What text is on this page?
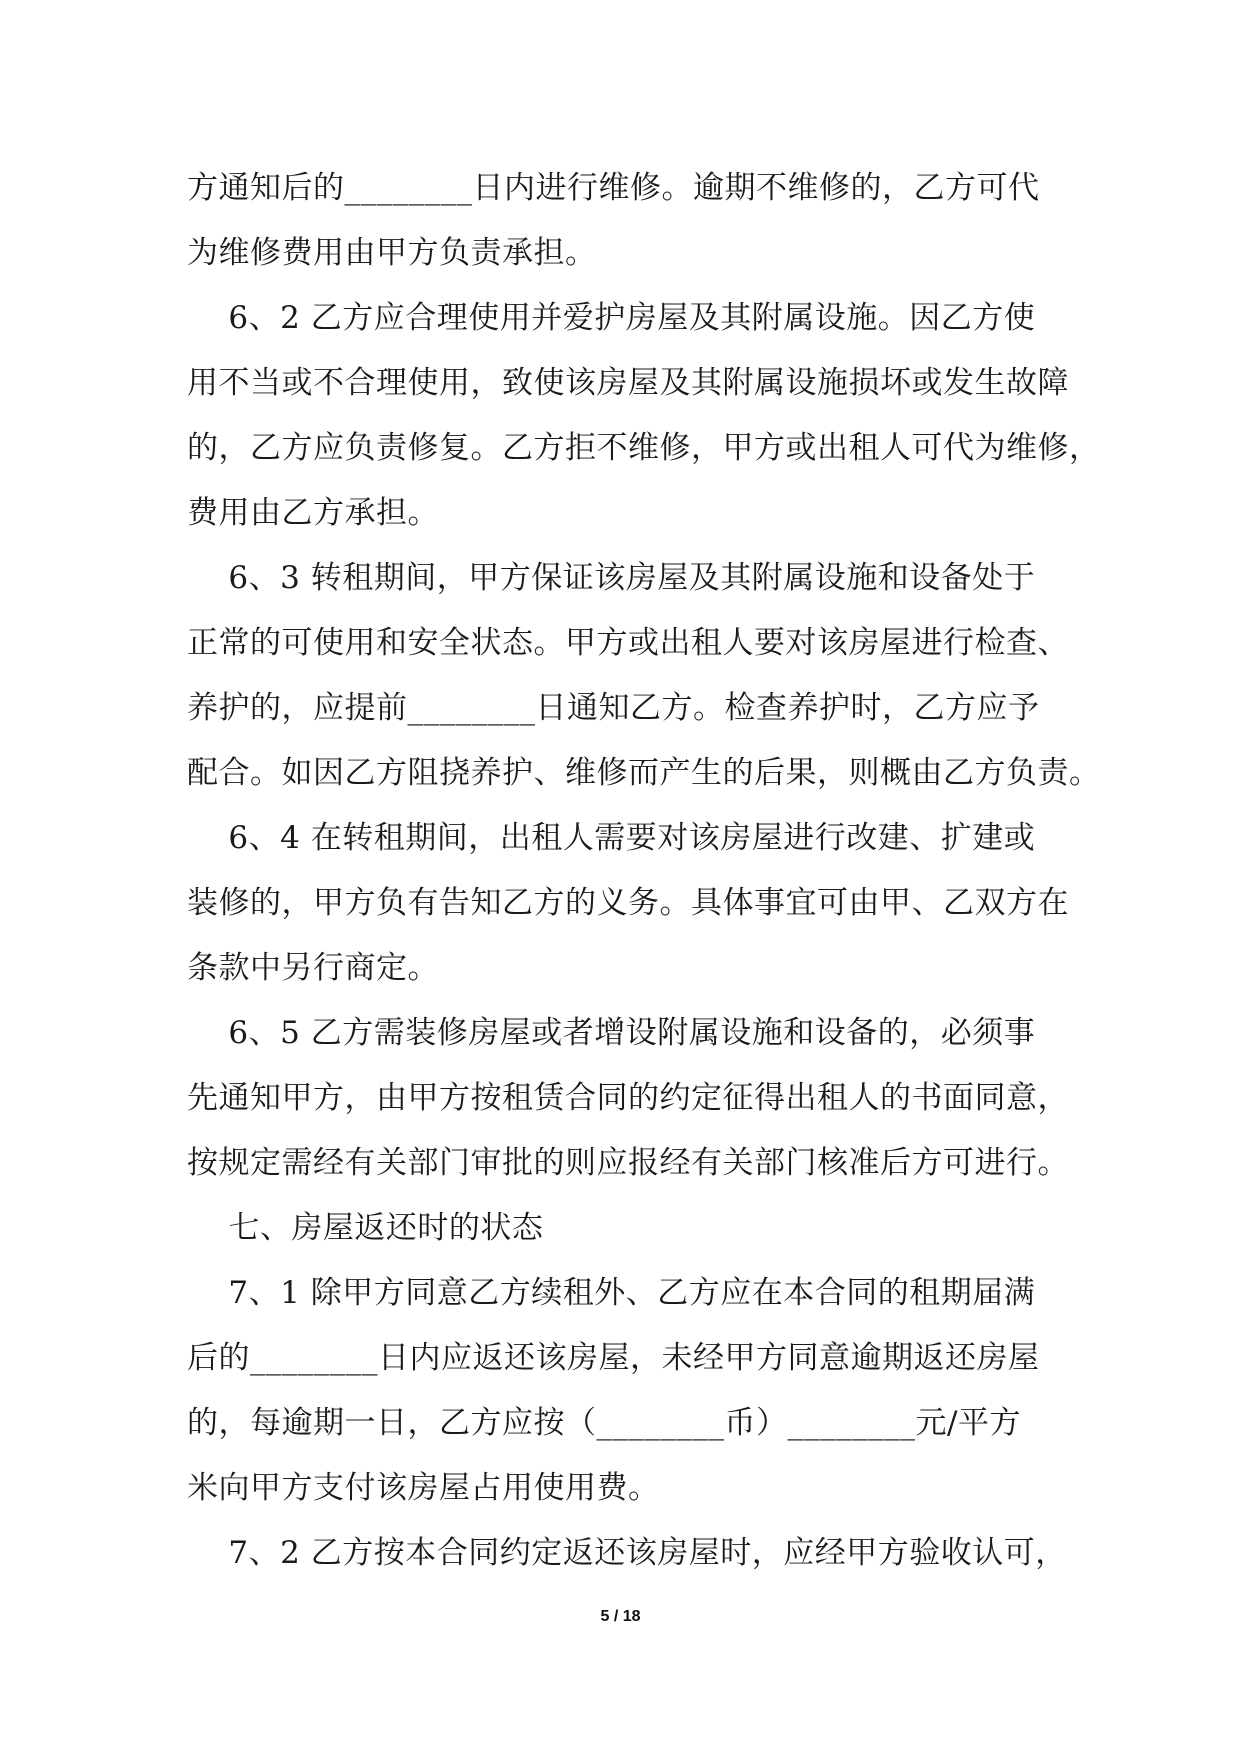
方通知后的________日内进行维修。逾期不维修的，乙方可代
为维修费用由甲方负责承担。
6、2 乙方应合理使用并爱护房屋及其附属设施。因乙方使
用不当或不合理使用，致使该房屋及其附属设施损坏或发生故障
的，乙方应负责修复。乙方拒不维修，甲方或出租人可代为维修，
费用由乙方承担。
6、3 转租期间，甲方保证该房屋及其附属设施和设备处于
正常的可使用和安全状态。甲方或出租人要对该房屋进行检查、
养护的，应提前________日通知乙方。检查养护时，乙方应予
配合。如因乙方阻挠养护、维修而产生的后果，则概由乙方负责。
6、4 在转租期间，出租人需要对该房屋进行改建、扩建或
装修的，甲方负有告知乙方的义务。具体事宜可由甲、乙双方在
条款中另行商定。
6、5 乙方需装修房屋或者增设附属设施和设备的，必须事
先通知甲方，由甲方按租赁合同的约定征得出租人的书面同意，
按规定需经有关部门审批的则应报经有关部门核准后方可进行。
七、房屋返还时的状态
7、1 除甲方同意乙方续租外、乙方应在本合同的租期届满
后的________日内应返还该房屋，未经甲方同意逾期返还房屋
的，每逾期一日，乙方应按（________币）________元/平方
米向甲方支付该房屋占用使用费。
7、2 乙方按本合同约定返还该房屋时，应经甲方验收认可，
5 / 18
